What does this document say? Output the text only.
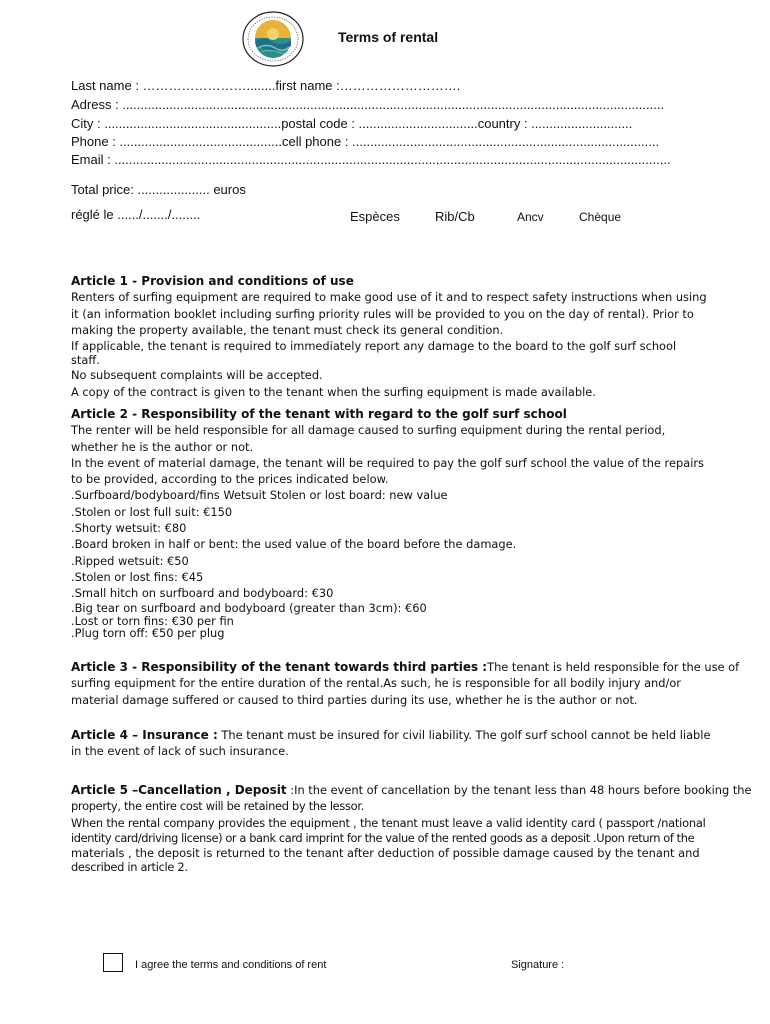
Terms of rental
Last name : ……………………........first name :……………………….
Adress : ......................................................................................................................................................
City : .................................................postal code : .................................country : ............................
Phone : .............................................cell phone : .....................................................................................
Email : ..........................................................................................................................................................
Total price: .................... euros
réglé le ....../......./........	Espèces	Rib/Cb	Ancv	Chèque
Article 1 - Provision and conditions of use
Renters of surfing equipment are required to make good use of it and to respect safety instructions when using
it (an information booklet including surfing priority rules will be provided to you on the day of rental). Prior to
making the property available, the tenant must check its general condition.
If applicable, the tenant is required to immediately report any damage to the board to the golf surf school
staff.
No subsequent complaints will be accepted.
A copy of the contract is given to the tenant when the surfing equipment is made available.
Article 2 - Responsibility of the tenant with regard to the golf surf school
The renter will be held responsible for all damage caused to surfing equipment during the rental period,
whether he is the author or not.
In the event of material damage, the tenant will be required to pay the golf surf school the value of the repairs
to be provided, according to the prices indicated below.
.Surfboard/bodyboard/fins Wetsuit Stolen or lost board: new value
.Stolen or lost full suit: €150
.Shorty wetsuit: €80
.Board broken in half or bent: the used value of the board before the damage.
.Ripped wetsuit: €50
.Stolen or lost fins: €45
.Small hitch on surfboard and bodyboard: €30
.Big tear on surfboard and bodyboard (greater than 3cm): €60
.Lost or torn fins: €30 per fin
.Plug torn off: €50 per plug
Article 3 - Responsibility of the tenant towards third parties :The tenant is held responsible for the use of
surfing equipment for the entire duration of the rental.As such, he is responsible for all bodily injury and/or
material damage suffered or caused to third parties during its use, whether he is the author or not.
Article 4 – Insurance : The tenant must be insured for civil liability. The golf surf school cannot be held liable
in the event of lack of such insurance.
Article 5 –Cancellation , Deposit :In the event of cancellation by the tenant less than 48 hours before booking the
property, the entire cost will be retained by the lessor.
When the rental company provides the equipment , the tenant must leave a valid identity card ( passport /national
identity card/driving license) or a bank card imprint for the value of the rented goods as a deposit .Upon return of the
materials , the deposit is returned to the tenant after deduction of possible damage caused by the tenant and
described in article 2.
I agree the terms and conditions of rent	Signature :
